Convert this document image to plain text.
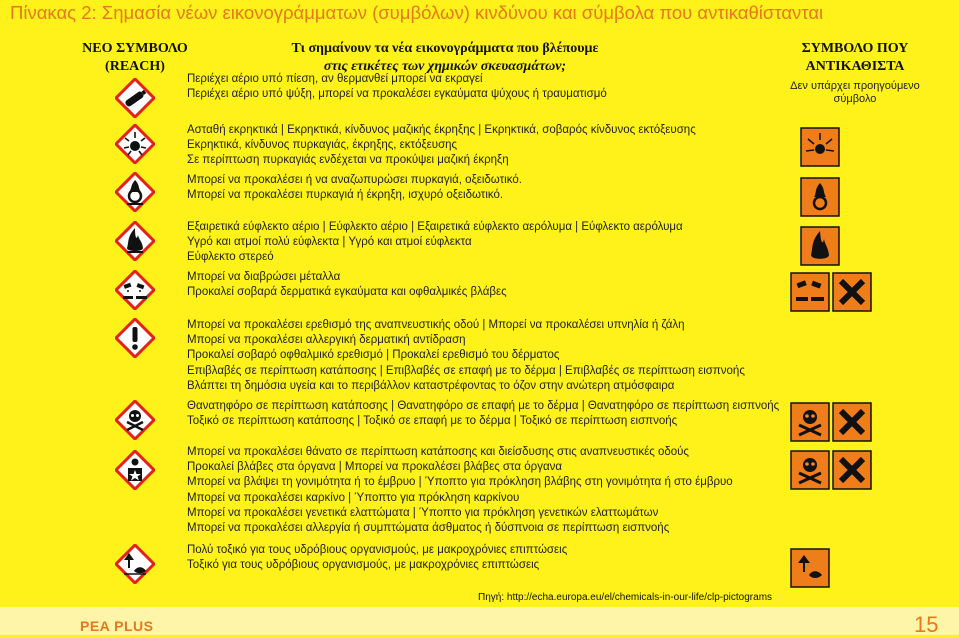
Πίνακας 2: Σημασία νέων εικονογράμματων (συμβόλων) κινδύνου και σύμβολα που αντικαθίστανται
ΝΕΟ ΣΥΜΒΟΛΟ
(REACH)
Τι σημαίνουν τα νέα εικονογράμματα που βλέπουμε
στις ετικέτες των χημικών σκευασμάτων;
ΣΥΜΒΟΛΟ ΠΟΥ
ΑΝΤΙΚΑΘΙΣΤΑ
Δεν υπάρχει προηγούμενο σύμβολο
Περιέχει αέριο υπό πίεση, αν θερμανθεί μπορεί να εκραγεί
Περιέχει αέριο υπό ψύξη, μπορεί να προκαλέσει εγκαύματα ψύχους ή τραυματισμό
Ασταθή εκρηκτικά | Εκρηκτικά, κίνδυνος μαζικής έκρηξης | Εκρηκτικά, σοβαρός κίνδυνος εκτόξευσης
Εκρηκτικά, κίνδυνος πυρκαγιάς, έκρηξης, εκτόξευσης
Σε περίπτωση πυρκαγιάς ενδέχεται να προκύψει μαζική έκρηξη
Μπορεί να προκαλέσει ή να αναζωπυρώσει πυρκαγιά, οξειδωτικό.
Μπορεί να προκαλέσει πυρκαγιά ή έκρηξη, ισχυρό οξειδωτικό.
Εξαιρετικά εύφλεκτο αέριο | Εύφλεκτο αέριο | Εξαιρετικά εύφλεκτο αερόλυμα | Εύφλεκτο αερόλυμα
Υγρό και ατμοί πολύ εύφλεκτα | Υγρό και ατμοί εύφλεκτα
Εύφλεκτο στερεό
Μπορεί να διαβρώσει μέταλλα
Προκαλεί σοβαρά δερματικά εγκαύματα και οφθαλμικές βλάβες
Μπορεί να προκαλέσει ερεθισμό της αναπνευστικής οδού | Μπορεί να προκαλέσει υπνηλία ή ζάλη
Μπορεί να προκαλέσει αλλεργική δερματική αντίδραση
Προκαλεί σοβαρό οφθαλμικό ερεθισμό | Προκαλεί ερεθισμό του δέρματος
Επιβλαβές σε περίπτωση κατάποσης | Επιβλαβές σε επαφή με το δέρμα | Επιβλαβές σε περίπτωση εισπνοής
Βλάπτει τη δημόσια υγεία και το περιβάλλον καταστρέφοντας το όζον στην ανώτερη ατμόσφαιρα
Θανατηφόρο σε περίπτωση κατάποσης | Θανατηφόρο σε επαφή με το δέρμα | Θανατηφόρο σε περίπτωση εισπνοής
Τοξικό σε περίπτωση κατάποσης | Τοξικό σε επαφή με το δέρμα | Τοξικό σε περίπτωση εισπνοής
Μπορεί να προκαλέσει θάνατο σε περίπτωση κατάποσης και διείσδυσης στις αναπνευστικές οδούς
Προκαλεί βλάβες στα όργανα | Μπορεί να προκαλέσει βλάβες στα όργανα
Μπορεί να βλάψει τη γονιμότητα ή το έμβρυο | Ύποπτο για πρόκληση βλάβης στη γονιμότητα ή στο έμβρυο
Μπορεί να προκαλέσει καρκίνο | Ύποπτο για πρόκληση καρκίνου
Μπορεί να προκαλέσει γενετικά ελαττώματα | Ύποπτο για πρόκληση γενετικών ελαττωμάτων
Μπορεί να προκαλέσει αλλεργία ή συμπτώματα άσθματος ή δύσπνοια σε περίπτωση εισπνοής
Πολύ τοξικό για τους υδρόβιους οργανισμούς, με μακροχρόνιες επιπτώσεις
Τοξικό για τους υδρόβιους οργανισμούς, με μακροχρόνιες επιπτώσεις
Πηγή: http://echa.europa.eu/el/chemicals-in-our-life/clp-pictograms
PEA PLUS	15
